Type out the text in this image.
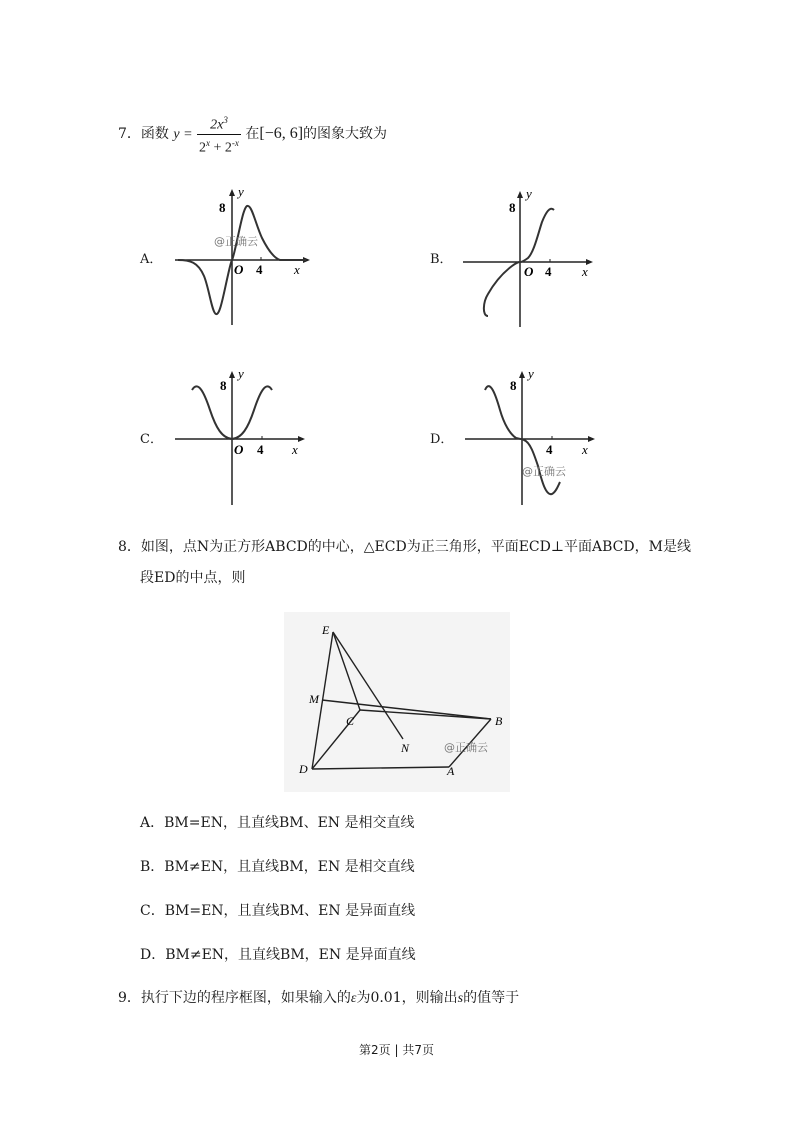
7．函数 $y = \frac{2x^3}{2^x + 2^{-x}}$ 在[−6, 6]的图象大致为
A．	B．
C．	D．
y
8
O 4 x
@正确云
y
8
O 4 x
y
8
O 4 x
y
8
4 x
@正确云
8．如图，点N为正方形ABCD的中心，△ECD为正三角形，平面ECD⊥平面ABCD，M是线
段ED的中点，则
E
M
C
N
B
D	A
@正确云
A．BM=EN，且直线BM、EN 是相交直线
B．BM≠EN，且直线BM，EN 是相交直线
C．BM=EN，且直线BM、EN 是异面直线
D．BM≠EN，且直线BM，EN 是异面直线
9．执行下边的程序框图，如果输入的ε为0.01，则输出s的值等于
第2页 | 共7页
